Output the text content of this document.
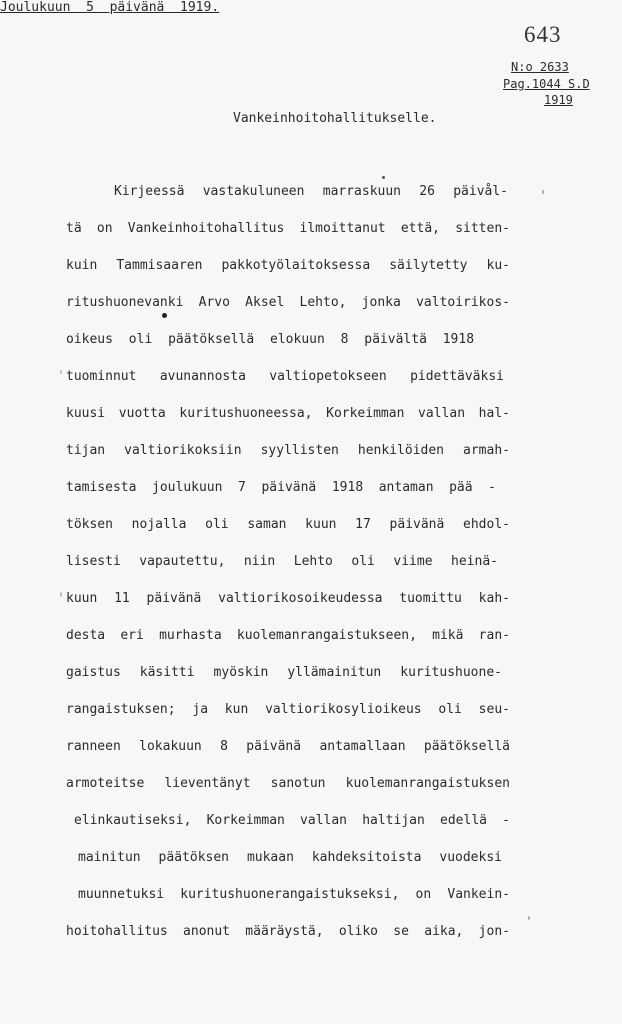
643
Joulukuun  5  päivänä  1919.
N:o 2633
Pag.1044 S.D
1919
Vankeinhoitohallitukselle.
Kirjeessä vastakuluneen marraskuun 26 päivål-
tä on Vankeinhoitohallitus ilmoittanut että, sitten-
kuin Tammisaaren pakkotyölaitoksessa säilytetty ku-
ritushuonevanki Arvo Aksel Lehto, jonka valtoirikos-
oikeus oli päätöksellä elokuun 8 päivältä 1918
tuominnut avunannosta valtiopetokseen pidettäväksi
kuusi vuotta kuritushuoneessa, Korkeimman vallan hal-
tijan valtiorikoksiin syyllisten henkilöiden armah-
tamisesta joulukuun 7 päivänä 1918 antaman pää -
töksen nojalla oli saman kuun 17 päivänä ehdol-
lisesti vapautettu, niin Lehto oli viime heinä-
kuun 11 päivänä valtiorikosoikeudessa tuomittu kah-
desta eri murhasta kuolemanrangaistukseen, mikä ran-
gaistus käsitti myöskin yllämainitun kuritushuone-
rangaistuksen; ja kun valtiorikosylioikeus oli seu-
ranneen lokakuun 8 päivänä antamallaan päätöksellä
armoteitse lieventänyt sanotun kuolemanrangaistuksen
elinkautiseksi, Korkeimman vallan haltijan edellä -
mainitun päätöksen mukaan kahdeksitoista vuodeksi
muunnetuksi kuritushuonerangaistukseksi, on Vankein-
hoitohallitus anonut määräystä, oliko se aika, jon-
